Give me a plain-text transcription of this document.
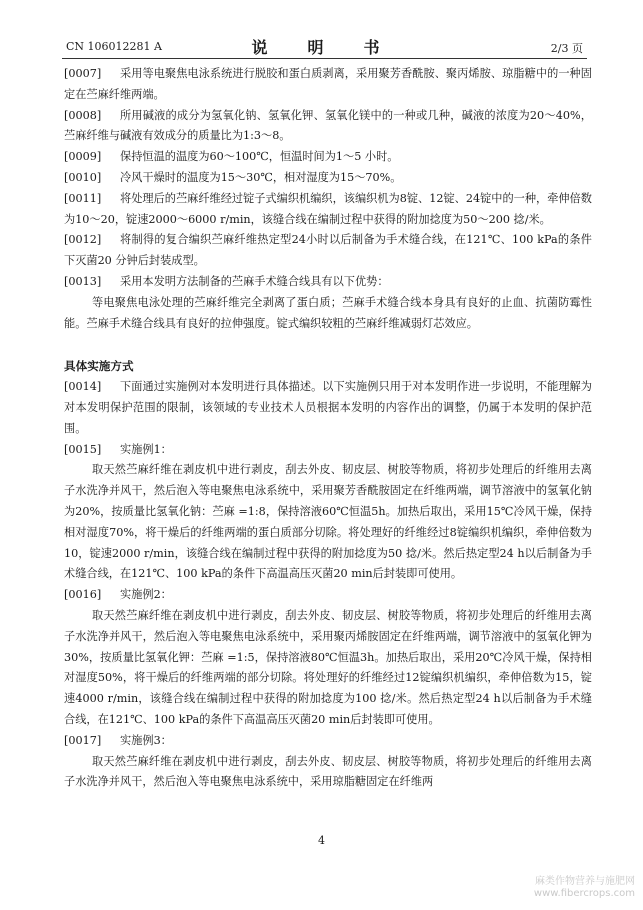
CN 106012281 A	说　明　书	2/3 页

[0007] 采用等电聚焦电泳系统进行脱胶和蛋白质剥离，采用聚芳香酰胺、聚丙烯胺、琼脂糖中的一种固定在苎麻纤维两端。

[0008] 所用碱液的成分为氢氧化钠、氢氧化钾、氢氧化镁中的一种或几种，碱液的浓度为20～40%，苎麻纤维与碱液有效成分的质量比为1:3～8。

[0009] 保持恒温的温度为60～100℃，恒温时间为1～5 小时。

[0010] 冷风干燥时的温度为15～30℃，相对湿度为15～70%。

[0011] 将处理后的苎麻纤维经过锭子式编织机编织，该编织机为8锭、12锭、24锭中的一种，牵伸倍数为10～20，锭速2000～6000 r/min，该缝合线在编制过程中获得的附加捻度为50～200 捻/米。

[0012] 将制得的复合编织苎麻纤维热定型24小时以后制备为手术缝合线，在121℃、100 kPa的条件下灭菌20 分钟后封装成型。

[0013] 采用本发明方法制备的苎麻手术缝合线具有以下优势：

等电聚焦电泳处理的苎麻纤维完全剥离了蛋白质；苎麻手术缝合线本身具有良好的止血、抗菌防霉性能。苎麻手术缝合线具有良好的拉伸强度。锭式编织较粗的苎麻纤维减弱灯芯效应。

具体实施方式

[0014] 下面通过实施例对本发明进行具体描述。以下实施例只用于对本发明作进一步说明，不能理解为对本发明保护范围的限制，该领域的专业技术人员根据本发明的内容作出的调整，仍属于本发明的保护范围。

[0015] 实施例1：

取天然苎麻纤维在剥皮机中进行剥皮，刮去外皮、韧皮层、树胶等物质，将初步处理后的纤维用去离子水洗净并风干，然后泡入等电聚焦电泳系统中，采用聚芳香酰胺固定在纤维两端，调节溶液中的氢氧化钠为20%，按质量比氢氧化钠：苎麻 =1:8，保持溶液60℃恒温5h。加热后取出，采用15℃冷风干燥，保持相对湿度70%，将干燥后的纤维两端的蛋白质部分切除。将处理好的纤维经过8锭编织机编织，牵伸倍数为10，锭速2000 r/min，该缝合线在编制过程中获得的附加捻度为50 捻/米。然后热定型24 h以后制备为手术缝合线，在121℃、100 kPa的条件下高温高压灭菌20 min后封装即可使用。

[0016] 实施例2：

取天然苎麻纤维在剥皮机中进行剥皮，刮去外皮、韧皮层、树胶等物质，将初步处理后的纤维用去离子水洗净并风干，然后泡入等电聚焦电泳系统中，采用聚丙烯胺固定在纤维两端，调节溶液中的氢氧化钾为30%，按质量比氢氧化钾：苎麻 =1:5，保持溶液80℃恒温3h。加热后取出，采用20℃冷风干燥，保持相对湿度50%，将干燥后的纤维两端的部分切除。将处理好的纤维经过12锭编织机编织，牵伸倍数为15，锭速4000 r/min，该缝合线在编制过程中获得的附加捻度为100 捻/米。然后热定型24 h以后制备为手术缝合线，在121℃、100 kPa的条件下高温高压灭菌20 min后封装即可使用。

[0017] 实施例3：

取天然苎麻纤维在剥皮机中进行剥皮，刮去外皮、韧皮层、树胶等物质，将初步处理后的纤维用去离子水洗净并风干，然后泡入等电聚焦电泳系统中，采用琼脂糖固定在纤维两

4
麻类作物营养与施肥网
www.fibercrops.com
